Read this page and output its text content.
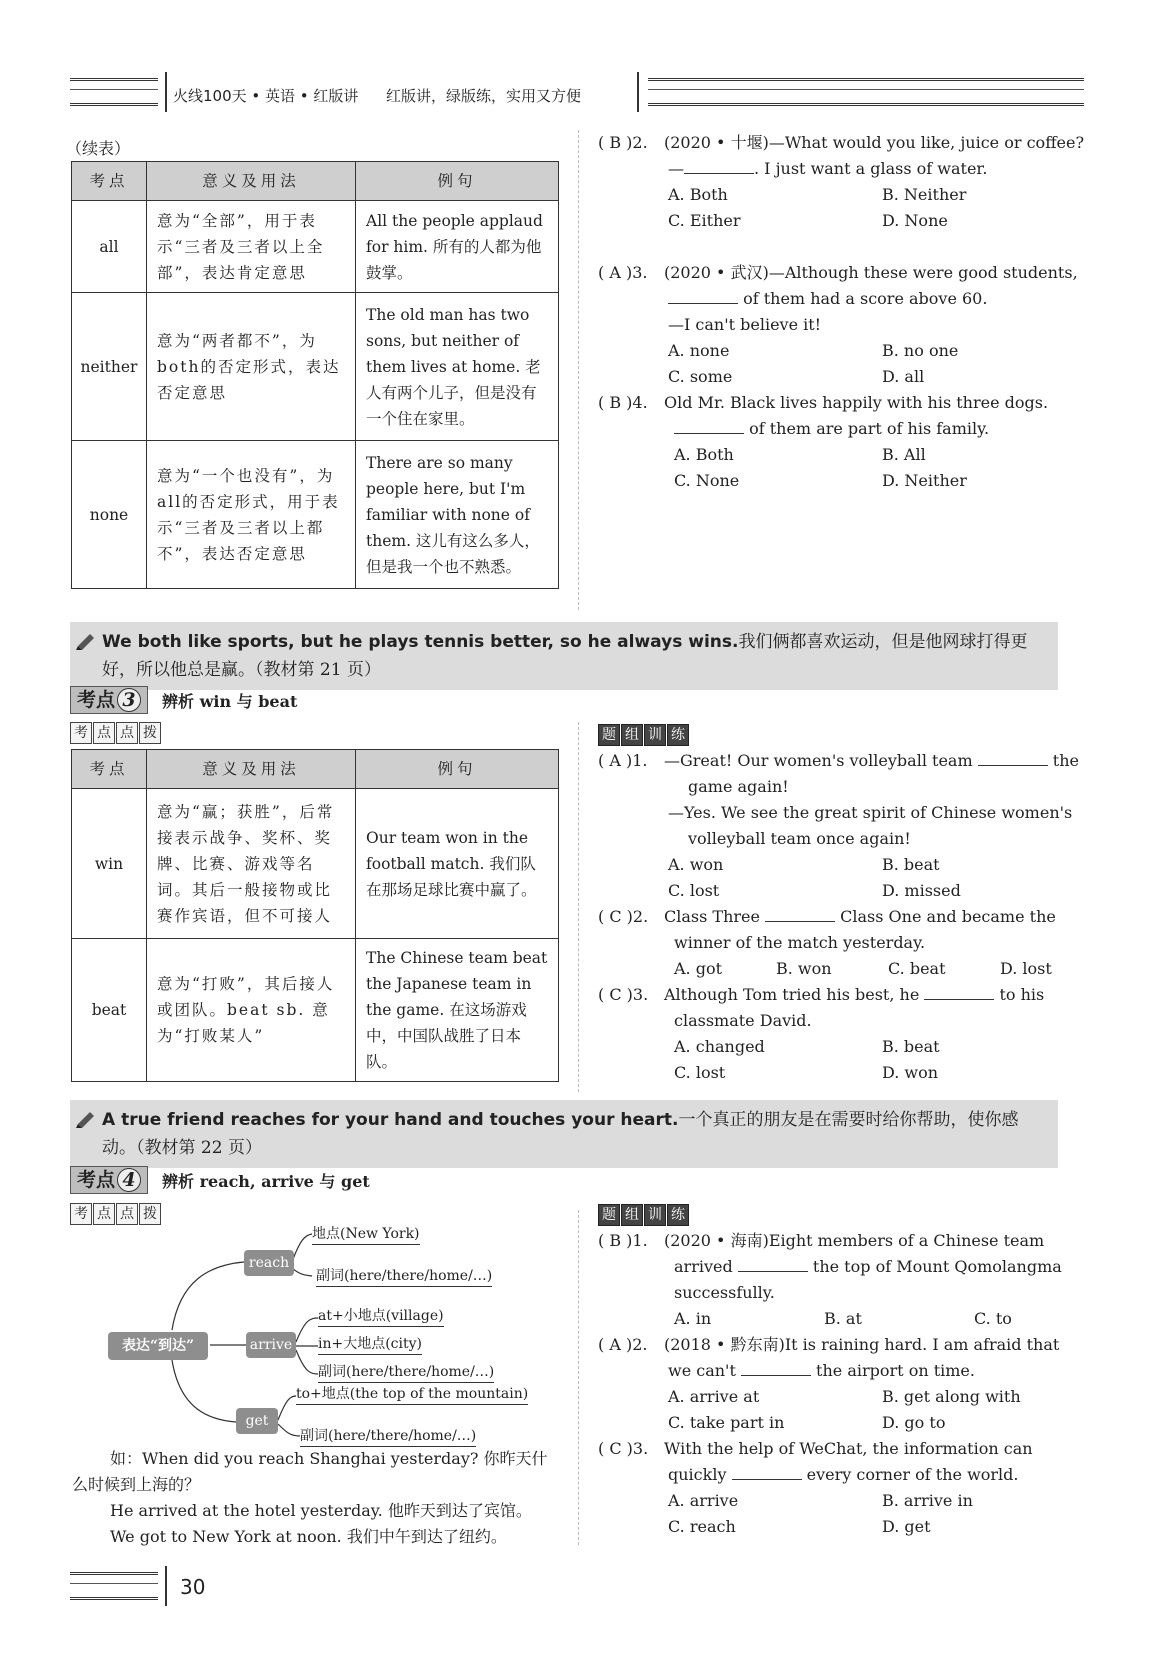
火线100天 • 英语 • 红版讲 红版讲，绿版练，实用又方便
（续表）
考点	意义及用法	例句
all	意为“全部”，用于表示“三者及三者以上全部”，表达肯定意思	All the people applaud for him. 所有的人都为他鼓掌。
neither	意为“两者都不”，为both的否定形式，表达否定意思	The old man has two sons, but neither of them lives at home. 老人有两个儿子，但是没有一个住在家里。
none	意为“一个也没有”，为all的否定形式，用于表示“三者及三者以上都不”，表达否定意思	There are so many people here, but I'm familiar with none of them. 这儿有这么多人，但是我一个也不熟悉。
( B )2. (2020 • 十堰)—What would you like, juice or coffee?
—	. I just want a glass of water.
A. Both	B. Neither
C. Either	D. None
( A )3. (2020 • 武汉)—Although these were good students,
of them had a score above 60.
—I can't believe it!
A. none	B. no one
C. some	D. all
( B )4. Old Mr. Black lives happily with his three dogs.
of them are part of his family.
A. Both	B. All
C. None	D. Neither
We both like sports, but he plays tennis better, so he always wins.我们俩都喜欢运动，但是他网球打得更好，所以他总是赢。（教材第 21 页）
考点 3	辨析 win 与 beat
考 点 点 拨
考点	意义及用法	例句
win	意为“赢；获胜”，后常接表示战争、奖杯、奖牌、比赛、游戏等名词。其后一般接物或比赛作宾语，但不可接人	Our team won in the football match. 我们队在那场足球比赛中赢了。
beat	意为“打败”，其后接人或团队。beat sb. 意为“打败某人”	The Chinese team beat the Japanese team in the game. 在这场游戏中，中国队战胜了日本队。
题 组 训 练
( A )1. —Great! Our women's volleyball team	the
game again!
—Yes. We see the great spirit of Chinese women's
volleyball team once again!
A. won	B. beat
C. lost	D. missed
( C )2. Class Three	Class One and became the
winner of the match yesterday.
A. got	B. won	C. beat	D. lost
( C )3. Although Tom tried his best, he	to his
classmate David.
A. changed	B. beat
C. lost	D. won
A true friend reaches for your hand and touches your heart.一个真正的朋友是在需要时给你帮助，使你感动。（教材第 22 页）
考点 4	辨析 reach, arrive 与 get
考 点 点 拨
表达“到达”
reach
arrive
get
地点(New York)
副词(here/there/home/…)
at+小地点(village)
in+大地点(city)
副词(here/there/home/…)
to+地点(the top of the mountain)
副词(here/there/home/…)
如：When did you reach Shanghai yesterday? 你昨天什
么时候到上海的？
He arrived at the hotel yesterday. 他昨天到达了宾馆。
We got to New York at noon. 我们中午到达了纽约。
题 组 训 练
( B )1. (2020 • 海南)Eight members of a Chinese team
arrived	the top of Mount Qomolangma
successfully.
A. in	B. at	C. to
( A )2. (2018 • 黔东南)It is raining hard. I am afraid that
we can't	the airport on time.
A. arrive at	B. get along with
C. take part in	D. go to
( C )3. With the help of WeChat, the information can
quickly	every corner of the world.
A. arrive	B. arrive in
C. reach	D. get
30
